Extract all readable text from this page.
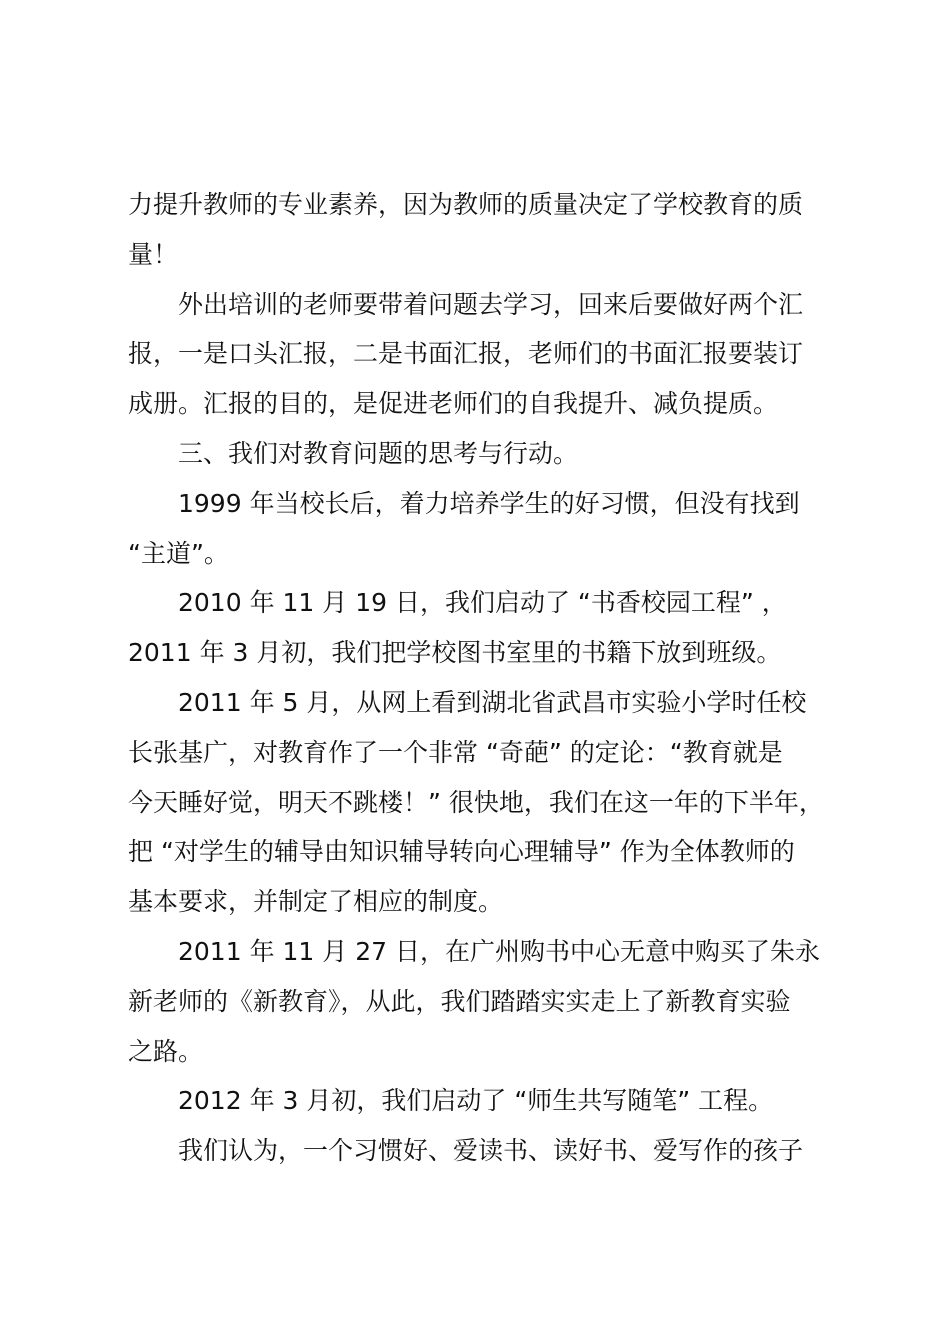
力提升教师的专业素养，因为教师的质量决定了学校教育的质
量！
外出培训的老师要带着问题去学习，回来后要做好两个汇
报，一是口头汇报，二是书面汇报，老师们的书面汇报要装订
成册。汇报的目的，是促进老师们的自我提升、减负提质。
三、我们对教育问题的思考与行动。
1999 年当校长后，着力培养学生的好习惯，但没有找到
“主道”。
2010 年 11 月 19 日，我们启动了 “书香校园工程” ，
2011 年 3 月初，我们把学校图书室里的书籍下放到班级。
2011 年 5 月，从网上看到湖北省武昌市实验小学时任校
长张基广，对教育作了一个非常 “奇葩” 的定论：“教育就是
今天睡好觉，明天不跳楼！” 很快地，我们在这一年的下半年，
把 “对学生的辅导由知识辅导转向心理辅导” 作为全体教师的
基本要求，并制定了相应的制度。
2011 年 11 月 27 日，在广州购书中心无意中购买了朱永
新老师的《新教育》，从此，我们踏踏实实走上了新教育实验
之路。
2012 年 3 月初，我们启动了 “师生共写随笔” 工程。
我们认为，一个习惯好、爱读书、读好书、爱写作的孩子
